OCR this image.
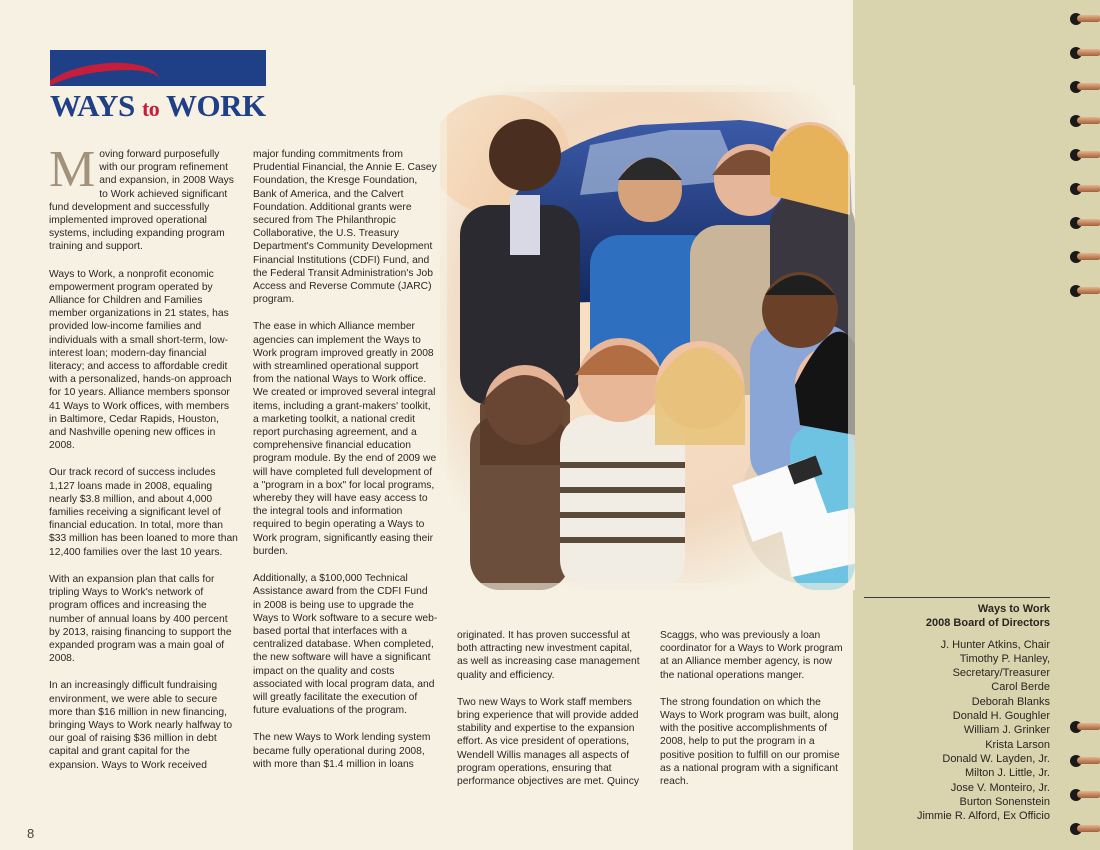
WAYS to WORK

Moving forward purposefully with our program refinement and expansion, in 2008 Ways to Work achieved significant fund development and successfully implemented improved operational systems, including expanding program training and support.

Ways to Work, a nonprofit economic empowerment program operated by Alliance for Children and Families member organizations in 21 states, has provided low-income families and individuals with a small short-term, low-interest loan; modern-day financial literacy; and access to affordable credit with a personalized, hands-on approach for 10 years. Alliance members sponsor 41 Ways to Work offices, with members in Baltimore, Cedar Rapids, Houston, and Nashville opening new offices in 2008.

Our track record of success includes 1,127 loans made in 2008, equaling nearly $3.8 million, and about 4,000 families receiving a significant level of financial education. In total, more than $33 million has been loaned to more than 12,400 families over the last 10 years.

With an expansion plan that calls for tripling Ways to Work's network of program offices and increasing the number of annual loans by 400 percent by 2013, raising financing to support the expanded program was a main goal of 2008.

In an increasingly difficult fundraising environment, we were able to secure more than $16 million in new financing, bringing Ways to Work nearly halfway to our goal of raising $36 million in debt capital and grant capital for the expansion. Ways to Work received

major funding commitments from Prudential Financial, the Annie E. Casey Foundation, the Kresge Foundation, Bank of America, and the Calvert Foundation. Additional grants were secured from The Philanthropic Collaborative, the U.S. Treasury Department's Community Development Financial Institutions (CDFI) Fund, and the Federal Transit Administration's Job Access and Reverse Commute (JARC) program.

The ease in which Alliance member agencies can implement the Ways to Work program improved greatly in 2008 with streamlined operational support from the national Ways to Work office. We created or improved several integral items, including a grant-makers' toolkit, a marketing toolkit, a national credit report purchasing agreement, and a comprehensive financial education program module. By the end of 2009 we will have completed full development of a "program in a box" for local programs, whereby they will have easy access to the integral tools and information required to begin operating a Ways to Work program, significantly easing their burden.

Additionally, a $100,000 Technical Assistance award from the CDFI Fund in 2008 is being use to upgrade the Ways to Work software to a secure web-based portal that interfaces with a centralized database. When completed, the new software will have a significant impact on the quality and costs associated with local program data, and will greatly facilitate the execution of future evaluations of the program.

The new Ways to Work lending system became fully operational during 2008, with more than $1.4 million in loans

originated. It has proven successful at both attracting new investment capital, as well as increasing case management quality and efficiency.

Two new Ways to Work staff members bring experience that will provide added stability and expertise to the expansion effort. As vice president of operations, Wendell Willis manages all aspects of program operations, ensuring that performance objectives are met. Quincy

Scaggs, who was previously a loan coordinator for a Ways to Work program at an Alliance member agency, is now the national operations manger.

The strong foundation on which the Ways to Work program was built, along with the positive accomplishments of 2008, help to put the program in a positive position to fulfill on our promise as a national program with a significant reach.

Ways to Work
2008 Board of Directors
J. Hunter Atkins, Chair
Timothy P. Hanley, Secretary/Treasurer
Carol Berde
Deborah Blanks
Donald H. Goughler
William J. Grinker
Krista Larson
Donald W. Layden, Jr.
Milton J. Little, Jr.
Jose V. Monteiro, Jr.
Burton Sonenstein
Jimmie R. Alford, Ex Officio
8
